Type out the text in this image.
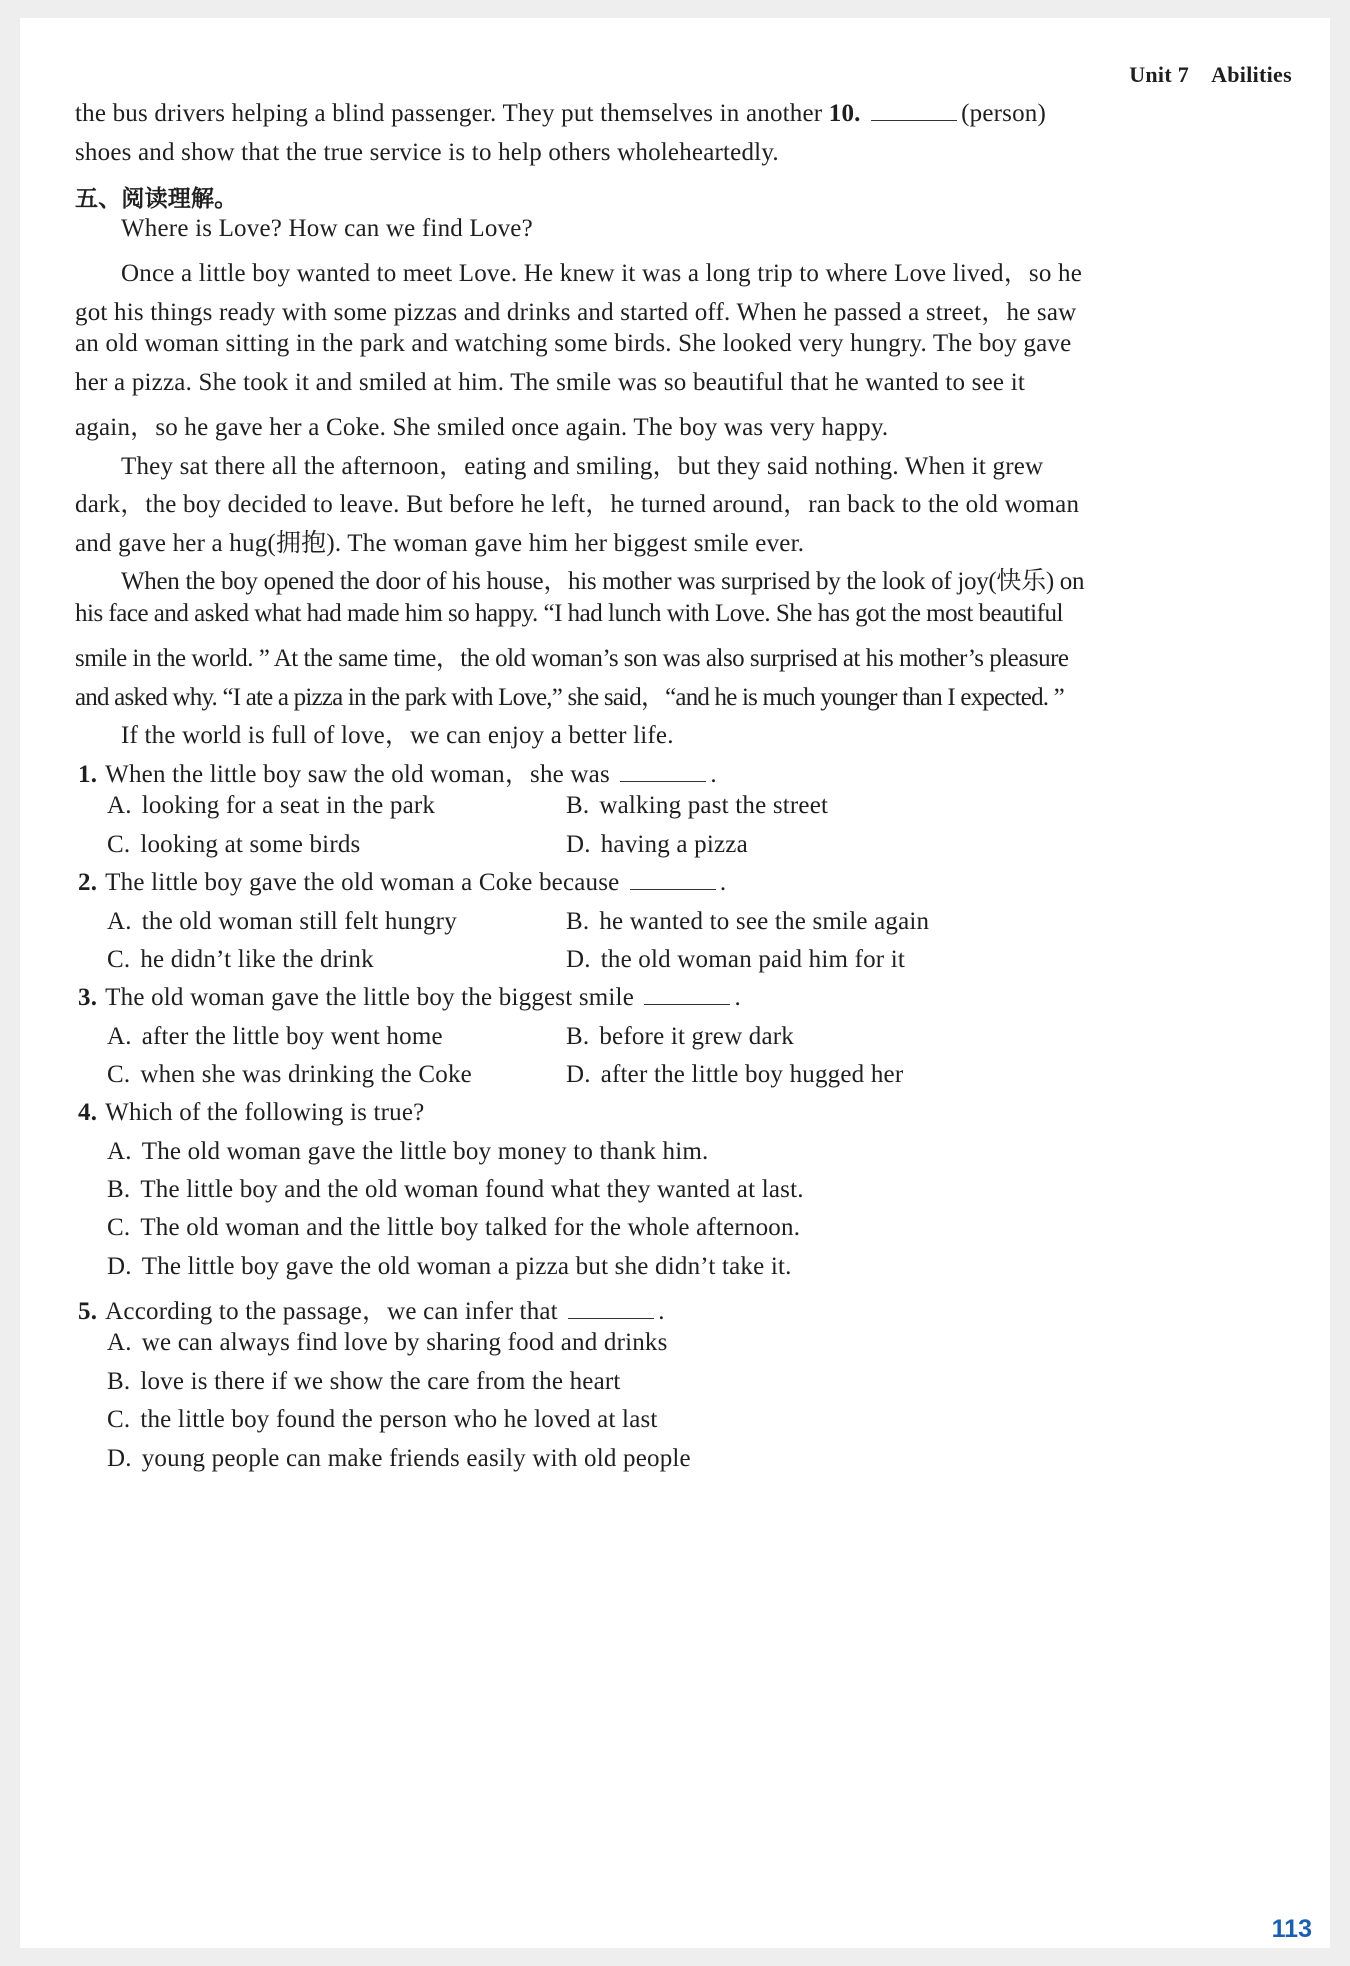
Unit 7 Abilities
the bus drivers helping a blind passenger. They put themselves in another 10.	(person)
shoes and show that the true service is to help others wholeheartedly.
五、阅读理解。
Where is Love? How can we find Love?
Once a little boy wanted to meet Love. He knew it was a long trip to where Love lived，so he
got his things ready with some pizzas and drinks and started off. When he passed a street，he saw
an old woman sitting in the park and watching some birds. She looked very hungry. The boy gave
her a pizza. She took it and smiled at him. The smile was so beautiful that he wanted to see it
again，so he gave her a Coke. She smiled once again. The boy was very happy.
They sat there all the afternoon，eating and smiling，but they said nothing. When it grew
dark，the boy decided to leave. But before he left，he turned around，ran back to the old woman
and gave her a hug(拥抱). The woman gave him her biggest smile ever.
When the boy opened the door of his house，his mother was surprised by the look of joy(快乐) on
his face and asked what had made him so happy. “I had lunch with Love. She has got the most beautiful
smile in the world. ” At the same time，the old woman’s son was also surprised at his mother’s pleasure
and asked why. “I ate a pizza in the park with Love,” she said，“and he is much younger than I expected. ”
If the world is full of love，we can enjoy a better life.
1. When the little boy saw the old woman，she was	.
A. looking for a seat in the park	B. walking past the street
C. looking at some birds	D. having a pizza
2. The little boy gave the old woman a Coke because	.
A. the old woman still felt hungry	B. he wanted to see the smile again
C. he didn’t like the drink	D. the old woman paid him for it
3. The old woman gave the little boy the biggest smile	.
A. after the little boy went home	B. before it grew dark
C. when she was drinking the Coke	D. after the little boy hugged her
4. Which of the following is true?
A. The old woman gave the little boy money to thank him.
B. The little boy and the old woman found what they wanted at last.
C. The old woman and the little boy talked for the whole afternoon.
D. The little boy gave the old woman a pizza but she didn’t take it.
5. According to the passage，we can infer that	.
A. we can always find love by sharing food and drinks
B. love is there if we show the care from the heart
C. the little boy found the person who he loved at last
D. young people can make friends easily with old people
113
